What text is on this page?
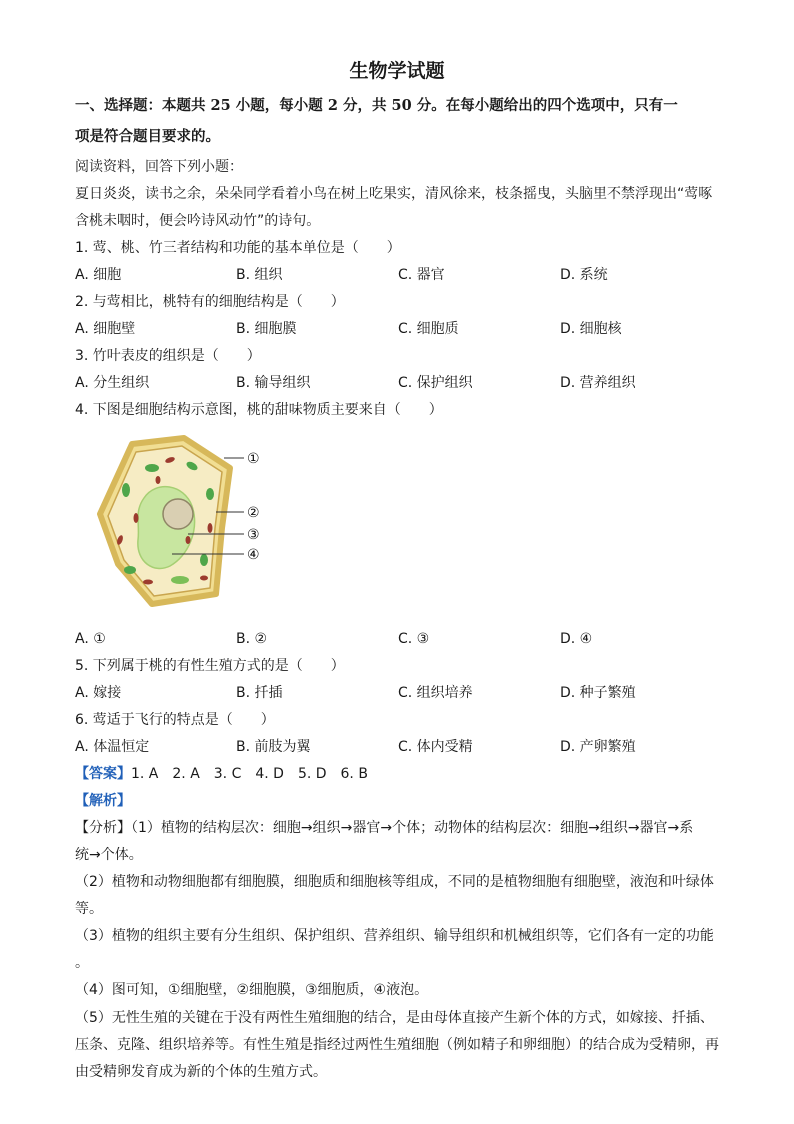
生物学试题
一、选择题：本题共 25 小题，每小题 2 分，共 50 分。在每小题给出的四个选项中，只有一
项是符合题目要求的。
阅读资料，回答下列小题：
夏日炎炎，读书之余，朵朵同学看着小鸟在树上吃果实，清风徐来，枝条摇曳，头脑里不禁浮现出“莺啄
含桃未咽时，便会吟诗风动竹”的诗句。
1. 莺、桃、竹三者结构和功能的基本单位是（　　）
A. 细胞	B. 组织	C. 器官	D. 系统
2. 与莺相比，桃特有的细胞结构是（　　）
A. 细胞壁	B. 细胞膜	C. 细胞质	D. 细胞核
3. 竹叶表皮的组织是（　　）
A. 分生组织	B. 输导组织	C. 保护组织	D. 营养组织
4. 下图是细胞结构示意图，桃的甜味物质主要来自（　　）
①
②
③
④
A. ①	B. ②	C. ③	D. ④
5. 下列属于桃的有性生殖方式的是（　　）
A. 嫁接	B. 扦插	C. 组织培养	D. 种子繁殖
6. 莺适于飞行的特点是（　　）
A. 体温恒定	B. 前肢为翼	C. 体内受精	D. 产卵繁殖
【答案】1. A　2. A　3. C　4. D　5. D　6. B
【解析】
【分析】（1）植物的结构层次：细胞→组织→器官→个体；动物体的结构层次：细胞→组织→器官→系
统→个体。
（2）植物和动物细胞都有细胞膜，细胞质和细胞核等组成，不同的是植物细胞有细胞壁，液泡和叶绿体
等。
（3）植物的组织主要有分生组织、保护组织、营养组织、输导组织和机械组织等，它们各有一定的功能
。
（4）图可知，①细胞壁，②细胞膜，③细胞质，④液泡。
（5）无性生殖的关键在于没有两性生殖细胞的结合，是由母体直接产生新个体的方式，如嫁接、扦插、
压条、克隆、组织培养等。有性生殖是指经过两性生殖细胞（例如精子和卵细胞）的结合成为受精卵，再
由受精卵发育成为新的个体的生殖方式。
